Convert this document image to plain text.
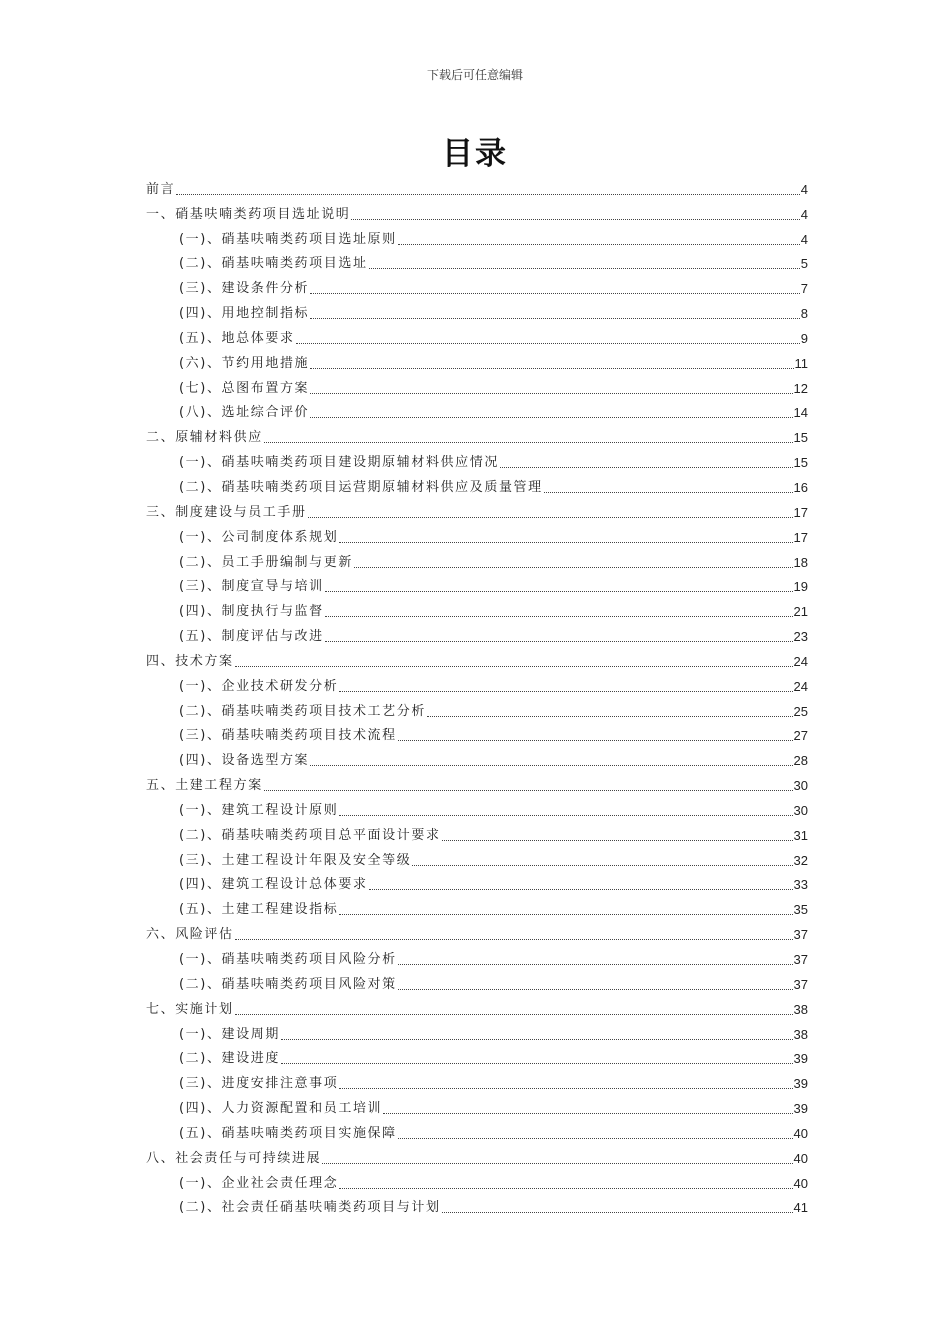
下载后可任意编辑
目录
前言	4
一、硝基呋喃类药项目选址说明	4
(一)、硝基呋喃类药项目选址原则	4
(二)、硝基呋喃类药项目选址	5
(三)、建设条件分析	7
(四)、用地控制指标	8
(五)、地总体要求	9
(六)、节约用地措施	11
(七)、总图布置方案	12
(八)、选址综合评价	14
二、原辅材料供应	15
(一)、硝基呋喃类药项目建设期原辅材料供应情况	15
(二)、硝基呋喃类药项目运营期原辅材料供应及质量管理	16
三、制度建设与员工手册	17
(一)、公司制度体系规划	17
(二)、员工手册编制与更新	18
(三)、制度宣导与培训	19
(四)、制度执行与监督	21
(五)、制度评估与改进	23
四、技术方案	24
(一)、企业技术研发分析	24
(二)、硝基呋喃类药项目技术工艺分析	25
(三)、硝基呋喃类药项目技术流程	27
(四)、设备选型方案	28
五、土建工程方案	30
(一)、建筑工程设计原则	30
(二)、硝基呋喃类药项目总平面设计要求	31
(三)、土建工程设计年限及安全等级	32
(四)、建筑工程设计总体要求	33
(五)、土建工程建设指标	35
六、风险评估	37
(一)、硝基呋喃类药项目风险分析	37
(二)、硝基呋喃类药项目风险对策	37
七、实施计划	38
(一)、建设周期	38
(二)、建设进度	39
(三)、进度安排注意事项	39
(四)、人力资源配置和员工培训	39
(五)、硝基呋喃类药项目实施保障	40
八、社会责任与可持续进展	40
(一)、企业社会责任理念	40
(二)、社会责任硝基呋喃类药项目与计划	41
